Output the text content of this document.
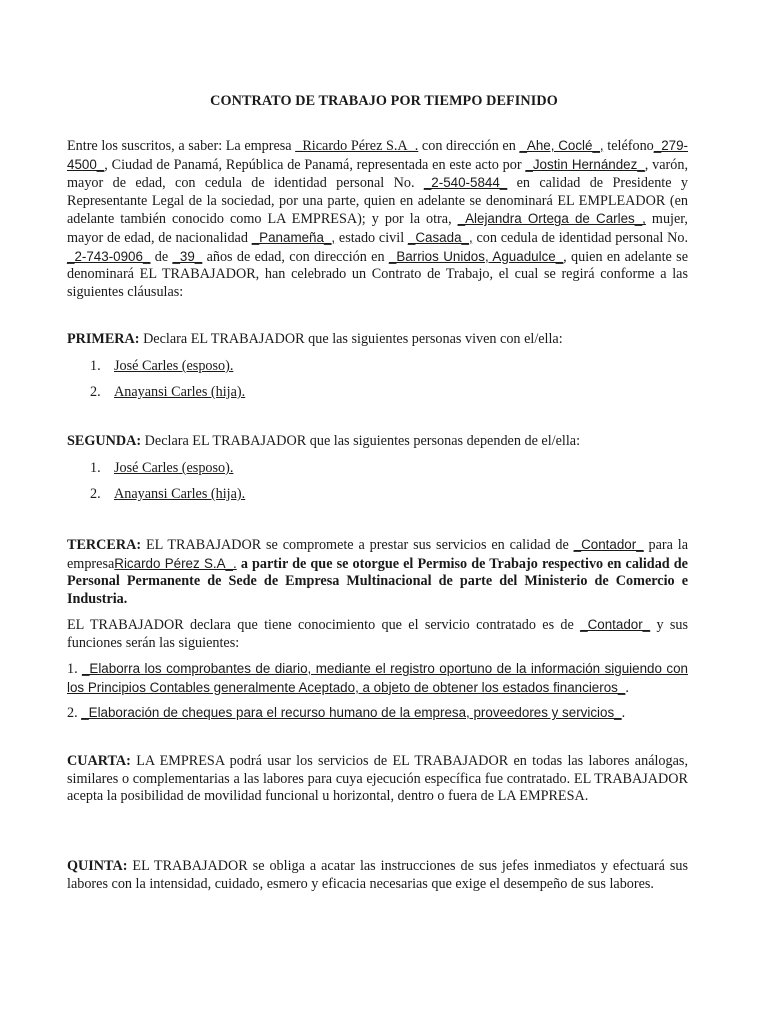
CONTRATO DE TRABAJO POR TIEMPO DEFINIDO
Entre los suscritos, a saber: La empresa _Ricardo Pérez S.A_. con dirección en _Ahe, Coclé_, teléfono_279-4500_, Ciudad de Panamá, República de Panamá, representada en este acto por _Jostin Hernández_, varón, mayor de edad, con cedula de identidad personal No. _2-540-5844_ en calidad de Presidente y Representante Legal de la sociedad, por una parte, quien en adelante se denominará EL EMPLEADOR (en adelante también conocido como LA EMPRESA); y por la otra, _Alejandra Ortega de Carles_, mujer, mayor de edad, de nacionalidad _Panameña_, estado civil _Casada_, con cedula de identidad personal No. _2-743-0906_ de _39_ años de edad, con dirección en _Barrios Unidos, Aguadulce_, quien en adelante se denominará EL TRABAJADOR, han celebrado un Contrato de Trabajo, el cual se regirá conforme a las siguientes cláusulas:
PRIMERA: Declara EL TRABAJADOR que las siguientes personas viven con el/ella:
1. José Carles (esposo).
2. Anayansi Carles (hija).
SEGUNDA: Declara EL TRABAJADOR que las siguientes personas dependen de el/ella:
1. José Carles (esposo).
2. Anayansi Carles (hija).
TERCERA: EL TRABAJADOR se compromete a prestar sus servicios en calidad de _Contador_ para la empresaRicardo Pérez S.A_. a partir de que se otorgue el Permiso de Trabajo respectivo en calidad de Personal Permanente de Sede de Empresa Multinacional de parte del Ministerio de Comercio e Industria.
EL TRABAJADOR declara que tiene conocimiento que el servicio contratado es de _Contador_ y sus funciones serán las siguientes:
1. _Elaborra los comprobantes de diario, mediante el registro oportuno de la información siguiendo con los Principios Contables generalmente Aceptado, a objeto de obtener los estados financieros_.
2. _Elaboración de cheques para el recurso humano de la empresa, proveedores y servicios_.
CUARTA: LA EMPRESA podrá usar los servicios de EL TRABAJADOR en todas las labores análogas, similares o complementarias a las labores para cuya ejecución específica fue contratado. EL TRABAJADOR acepta la posibilidad de movilidad funcional u horizontal, dentro o fuera de LA EMPRESA.
QUINTA: EL TRABAJADOR se obliga a acatar las instrucciones de sus jefes inmediatos y efectuará sus labores con la intensidad, cuidado, esmero y eficacia necesarias que exige el desempeño de sus labores.
